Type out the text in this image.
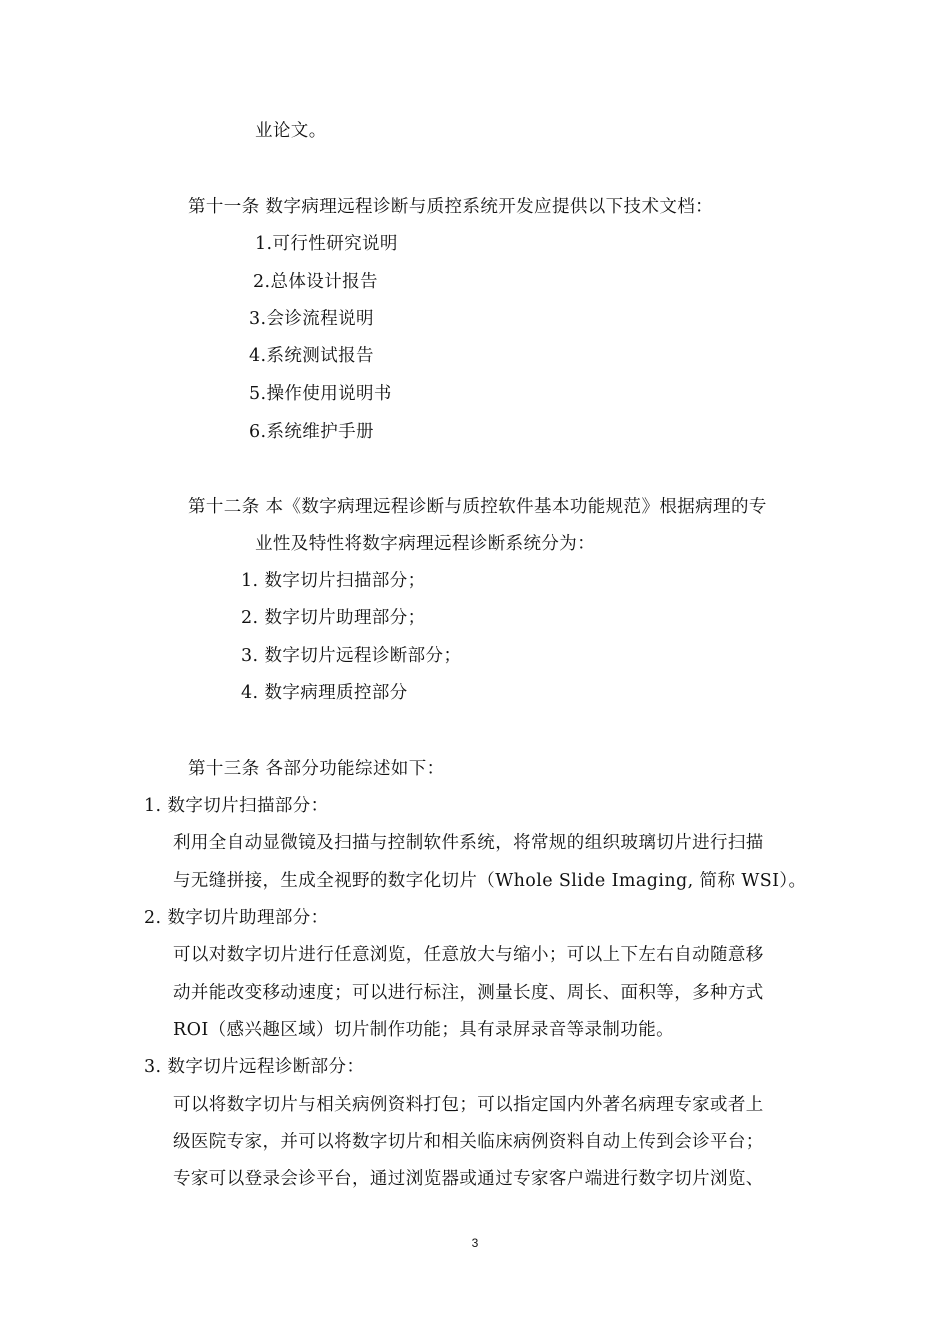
业论文。
第十一条 数字病理远程诊断与质控系统开发应提供以下技术文档：
1.可行性研究说明
2.总体设计报告
3.会诊流程说明
4.系统测试报告
5.操作使用说明书
6.系统维护手册
第十二条 本《数字病理远程诊断与质控软件基本功能规范》根据病理的专
业性及特性将数字病理远程诊断系统分为：
1. 数字切片扫描部分；
2. 数字切片助理部分；
3. 数字切片远程诊断部分；
4. 数字病理质控部分
第十三条 各部分功能综述如下：
1. 数字切片扫描部分：
利用全自动显微镜及扫描与控制软件系统，将常规的组织玻璃切片进行扫描
与无缝拼接，生成全视野的数字化切片（Whole Slide Imaging, 简称 WSI）。
2. 数字切片助理部分：
可以对数字切片进行任意浏览，任意放大与缩小；可以上下左右自动随意移
动并能改变移动速度；可以进行标注，测量长度、周长、面积等，多种方式
ROI（感兴趣区域）切片制作功能；具有录屏录音等录制功能。
3. 数字切片远程诊断部分：
可以将数字切片与相关病例资料打包；可以指定国内外著名病理专家或者上
级医院专家，并可以将数字切片和相关临床病例资料自动上传到会诊平台；
专家可以登录会诊平台，通过浏览器或通过专家客户端进行数字切片浏览、
3
